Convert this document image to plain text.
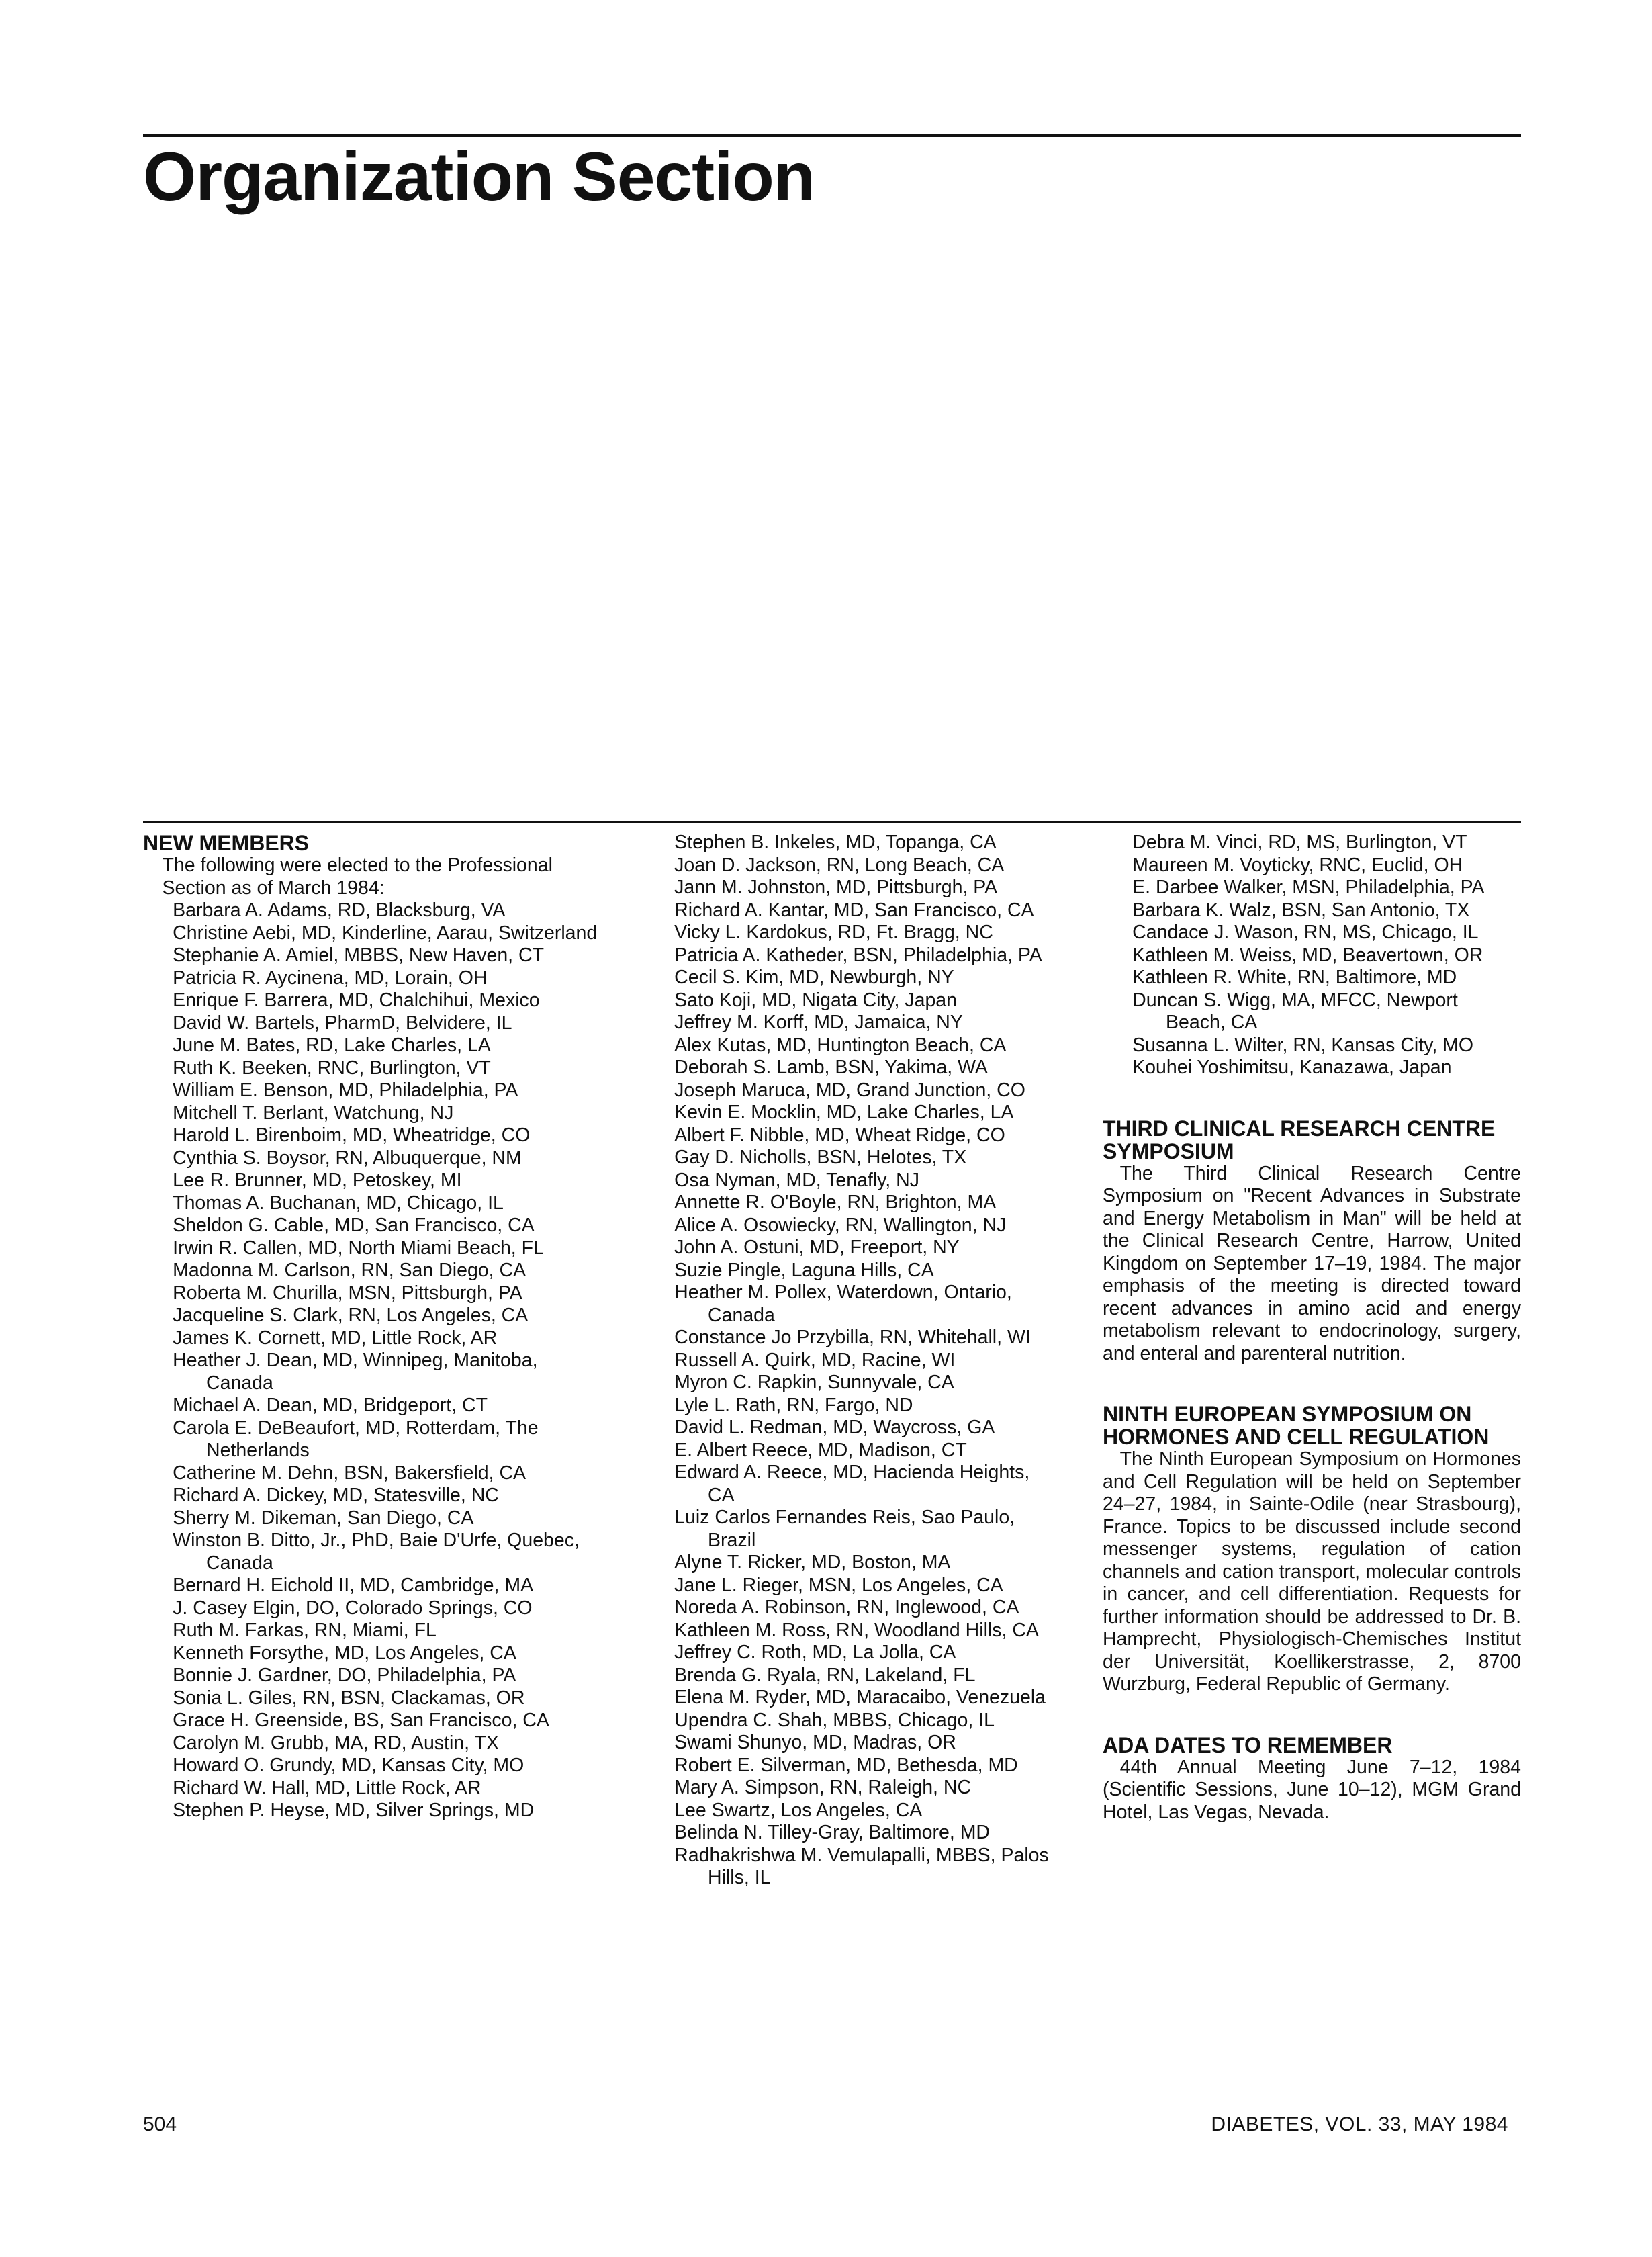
Organization Section
NEW MEMBERS
The following were elected to the Professional Section as of March 1984:
Barbara A. Adams, RD, Blacksburg, VA
Christine Aebi, MD, Kinderline, Aarau, Switzerland
Stephanie A. Amiel, MBBS, New Haven, CT
Patricia R. Aycinena, MD, Lorain, OH
Enrique F. Barrera, MD, Chalchihui, Mexico
David W. Bartels, PharmD, Belvidere, IL
June M. Bates, RD, Lake Charles, LA
Ruth K. Beeken, RNC, Burlington, VT
William E. Benson, MD, Philadelphia, PA
Mitchell T. Berlant, Watchung, NJ
Harold L. Birenboim, MD, Wheatridge, CO
Cynthia S. Boysor, RN, Albuquerque, NM
Lee R. Brunner, MD, Petoskey, MI
Thomas A. Buchanan, MD, Chicago, IL
Sheldon G. Cable, MD, San Francisco, CA
Irwin R. Callen, MD, North Miami Beach, FL
Madonna M. Carlson, RN, San Diego, CA
Roberta M. Churilla, MSN, Pittsburgh, PA
Jacqueline S. Clark, RN, Los Angeles, CA
James K. Cornett, MD, Little Rock, AR
Heather J. Dean, MD, Winnipeg, Manitoba, Canada
Michael A. Dean, MD, Bridgeport, CT
Carola E. DeBeaufort, MD, Rotterdam, The Netherlands
Catherine M. Dehn, BSN, Bakersfield, CA
Richard A. Dickey, MD, Statesville, NC
Sherry M. Dikeman, San Diego, CA
Winston B. Ditto, Jr., PhD, Baie D'Urfe, Quebec, Canada
Bernard H. Eichold II, MD, Cambridge, MA
J. Casey Elgin, DO, Colorado Springs, CO
Ruth M. Farkas, RN, Miami, FL
Kenneth Forsythe, MD, Los Angeles, CA
Bonnie J. Gardner, DO, Philadelphia, PA
Sonia L. Giles, RN, BSN, Clackamas, OR
Grace H. Greenside, BS, San Francisco, CA
Carolyn M. Grubb, MA, RD, Austin, TX
Howard O. Grundy, MD, Kansas City, MO
Richard W. Hall, MD, Little Rock, AR
Stephen P. Heyse, MD, Silver Springs, MD
Stephen B. Inkeles, MD, Topanga, CA
Joan D. Jackson, RN, Long Beach, CA
Jann M. Johnston, MD, Pittsburgh, PA
Richard A. Kantar, MD, San Francisco, CA
Vicky L. Kardokus, RD, Ft. Bragg, NC
Patricia A. Katheder, BSN, Philadelphia, PA
Cecil S. Kim, MD, Newburgh, NY
Sato Koji, MD, Nigata City, Japan
Jeffrey M. Korff, MD, Jamaica, NY
Alex Kutas, MD, Huntington Beach, CA
Deborah S. Lamb, BSN, Yakima, WA
Joseph Maruca, MD, Grand Junction, CO
Kevin E. Mocklin, MD, Lake Charles, LA
Albert F. Nibble, MD, Wheat Ridge, CO
Gay D. Nicholls, BSN, Helotes, TX
Osa Nyman, MD, Tenafly, NJ
Annette R. O'Boyle, RN, Brighton, MA
Alice A. Osowiecky, RN, Wallington, NJ
John A. Ostuni, MD, Freeport, NY
Suzie Pingle, Laguna Hills, CA
Heather M. Pollex, Waterdown, Ontario, Canada
Constance Jo Przybilla, RN, Whitehall, WI
Russell A. Quirk, MD, Racine, WI
Myron C. Rapkin, Sunnyvale, CA
Lyle L. Rath, RN, Fargo, ND
David L. Redman, MD, Waycross, GA
E. Albert Reece, MD, Madison, CT
Edward A. Reece, MD, Hacienda Heights, CA
Luiz Carlos Fernandes Reis, Sao Paulo, Brazil
Alyne T. Ricker, MD, Boston, MA
Jane L. Rieger, MSN, Los Angeles, CA
Noreda A. Robinson, RN, Inglewood, CA
Kathleen M. Ross, RN, Woodland Hills, CA
Jeffrey C. Roth, MD, La Jolla, CA
Brenda G. Ryala, RN, Lakeland, FL
Elena M. Ryder, MD, Maracaibo, Venezuela
Upendra C. Shah, MBBS, Chicago, IL
Swami Shunyo, MD, Madras, OR
Robert E. Silverman, MD, Bethesda, MD
Mary A. Simpson, RN, Raleigh, NC
Lee Swartz, Los Angeles, CA
Belinda N. Tilley-Gray, Baltimore, MD
Radhakrishwa M. Vemulapalli, MBBS, Palos Hills, IL
Debra M. Vinci, RD, MS, Burlington, VT
Maureen M. Voyticky, RNC, Euclid, OH
E. Darbee Walker, MSN, Philadelphia, PA
Barbara K. Walz, BSN, San Antonio, TX
Candace J. Wason, RN, MS, Chicago, IL
Kathleen M. Weiss, MD, Beavertown, OR
Kathleen R. White, RN, Baltimore, MD
Duncan S. Wigg, MA, MFCC, Newport Beach, CA
Susanna L. Wilter, RN, Kansas City, MO
Kouhei Yoshimitsu, Kanazawa, Japan
THIRD CLINICAL RESEARCH CENTRE SYMPOSIUM

The Third Clinical Research Centre Symposium on "Recent Advances in Substrate and Energy Metabolism in Man" will be held at the Clinical Research Centre, Harrow, United Kingdom on September 17–19, 1984. The major emphasis of the meeting is directed toward recent advances in amino acid and energy metabolism relevant to endocrinology, surgery, and enteral and parenteral nutrition.

NINTH EUROPEAN SYMPOSIUM ON HORMONES AND CELL REGULATION

The Ninth European Symposium on Hormones and Cell Regulation will be held on September 24–27, 1984, in Sainte-Odile (near Strasbourg), France. Topics to be discussed include second messenger systems, regulation of cation channels and cation transport, molecular controls in cancer, and cell differentiation. Requests for further information should be addressed to Dr. B. Hamprecht, Physiologisch-Chemisches Institut der Universität, Koellikerstrasse, 2, 8700 Wurzburg, Federal Republic of Germany.

ADA DATES TO REMEMBER

44th Annual Meeting June 7–12, 1984 (Scientific Sessions, June 10–12), MGM Grand Hotel, Las Vegas, Nevada.

504	DIABETES, VOL. 33, MAY 1984
